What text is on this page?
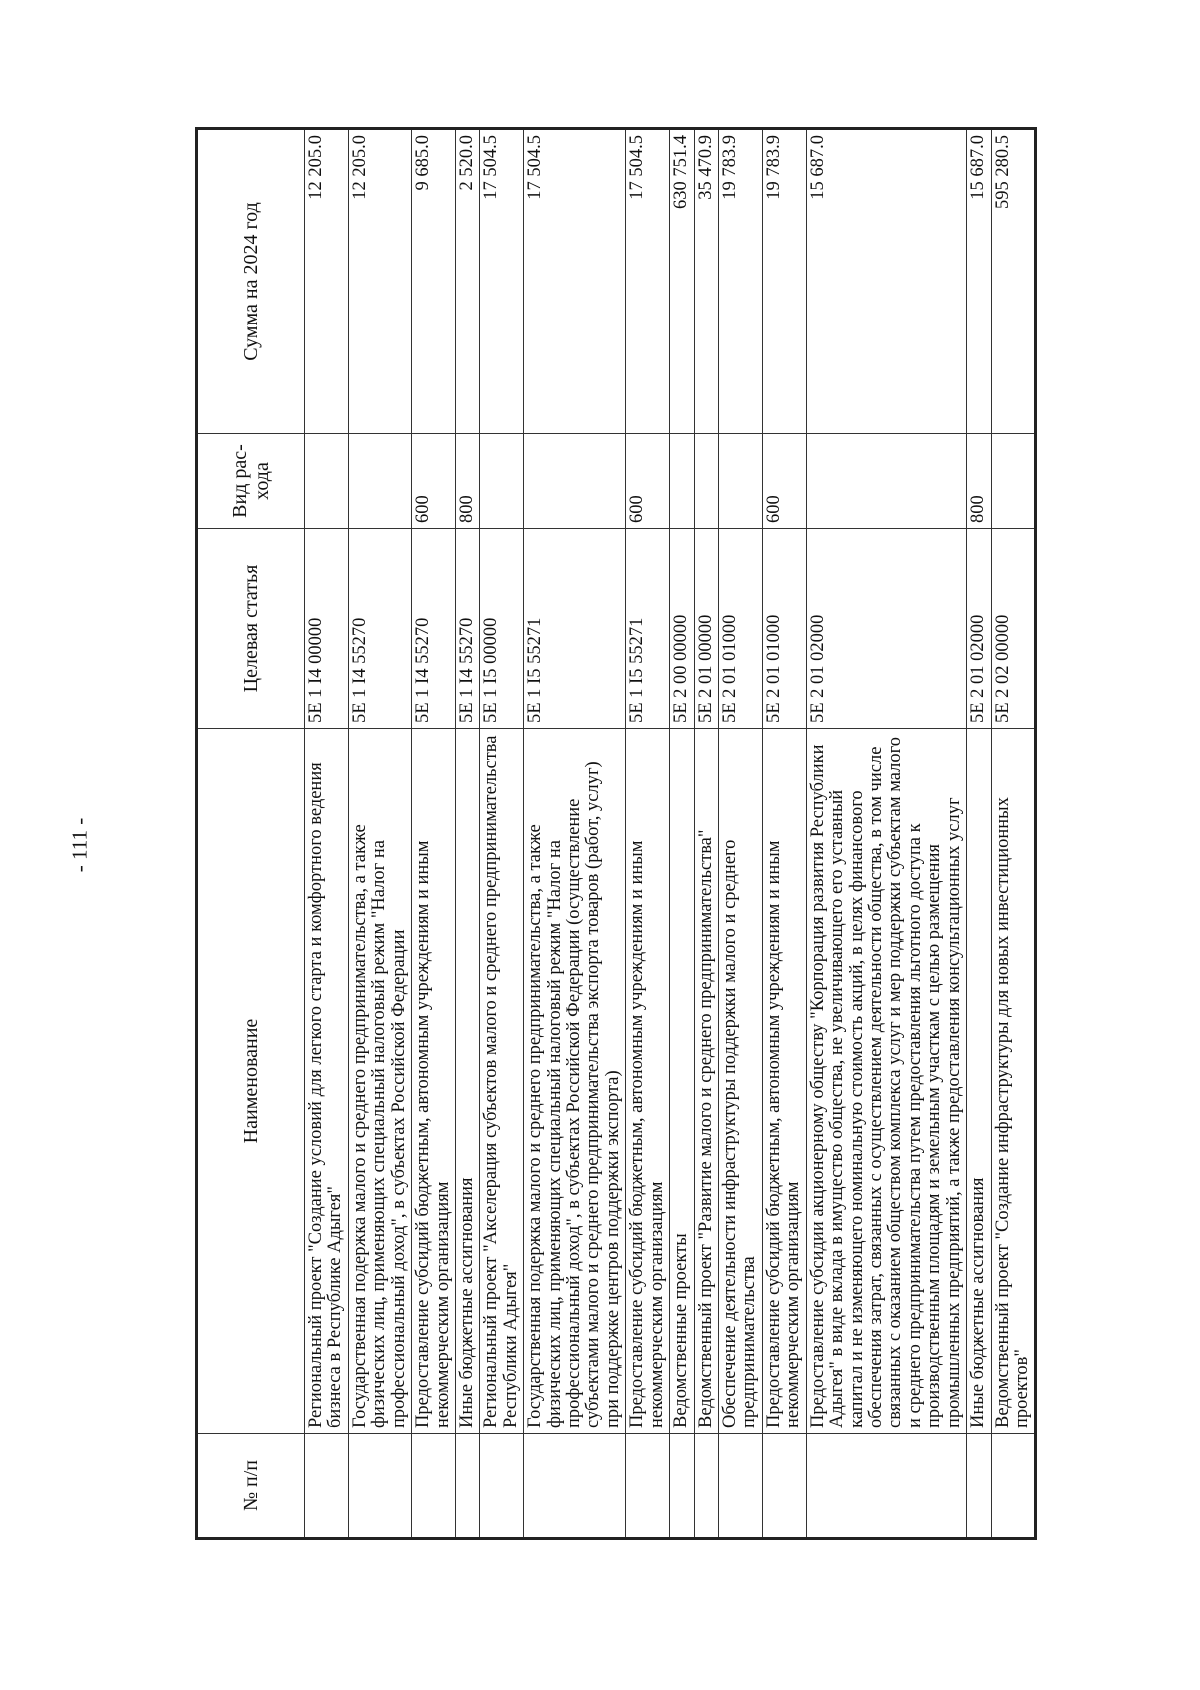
- 111 -
№ п/п	Наименование	Целевая статья	Вид рас-хода	Сумма на 2024 год
	Региональный проект "Создание условий для легкого старта и комфортного ведения бизнеса в Республике Адыгея"	5Е 1 I4 00000		12 205.0
	Государственная подержка малого и среднего предпринимательства, а также физических лиц, применяющих специальный налоговый режим "Налог на профессиональный доход", в субъектах Российской Федерации	5Е 1 I4 55270		12 205.0
	Предоставление субсидий бюджетным, автономным учреждениям и иным некоммерческим организациям	5Е 1 I4 55270	600	9 685.0
	Иные бюджетные ассигнования	5Е 1 I4 55270	800	2 520.0
	Региональный проект "Акселерация субъектов малого и среднего предпринимательства Республики Адыгея"	5Е 1 I5 00000		17 504.5
	Государственная подержка малого и среднего предпринимательства, а также физических лиц, применяющих специальный налоговый режим "Налог на профессиональный доход", в субъектах Российской Федерации (осуществление субъектами малого и среднего предпринимательства экспорта товаров (работ, услуг) при поддержке центров поддержки экспорта)	5Е 1 I5 55271		17 504.5
	Предоставление субсидий бюджетным, автономным учреждениям и иным некоммерческим организациям	5Е 1 I5 55271	600	17 504.5
	Ведомственные проекты	5Е 2 00 00000		630 751.4
	Ведомственный проект "Развитие малого и среднего предпринимательства"	5Е 2 01 00000		35 470.9
	Обеспечение деятельности инфраструктуры поддержки малого и среднего предпринимательства	5Е 2 01 01000		19 783.9
	Предоставление субсидий бюджетным, автономным учреждениям и иным некоммерческим организациям	5Е 2 01 01000	600	19 783.9
	Предоставление субсидии акционерному обществу "Корпорация развития Республики Адыгея" в виде вклада в имущество общества, не увеличивающего его уставный капитал и не изменяющего номинальную стоимость акций, в целях финансового обеспечения затрат, связанных с осуществлением деятельности общества, в том числе связанных с оказанием обществом комплекса услуг и мер поддержки субъектам малого и среднего предпринимательства путем предоставления льготного доступа к производственным площадям и земельным участкам с целью размещения промышленных предприятий, а также предоставления консультационных услуг	5Е 2 01 02000		15 687.0
	Иные бюджетные ассигнования	5Е 2 01 02000	800	15 687.0
	Ведомственный проект "Создание инфраструктуры для новых инвестиционных проектов"	5Е 2 02 00000		595 280.5
